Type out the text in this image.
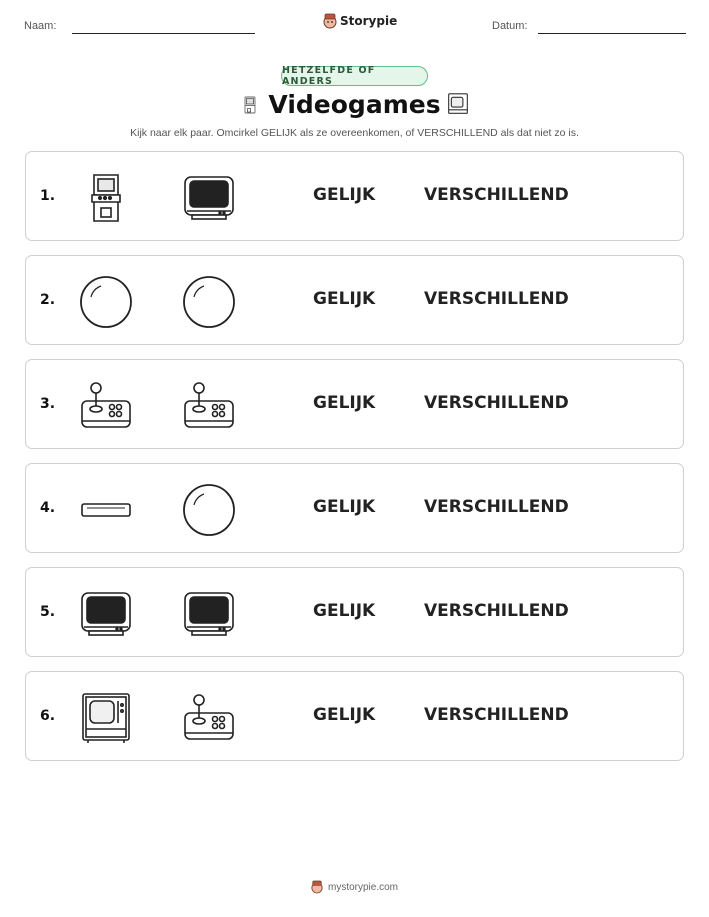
Naam:	Storypie	Datum:
HETZELFDE OF ANDERS
Videogames
Kijk naar elk paar. Omcirkel GELIJK als ze overeenkomen, of VERSCHILLEND als dat niet zo is.
1.	GELIJK	VERSCHILLEND
2.	GELIJK	VERSCHILLEND
3.	GELIJK	VERSCHILLEND
4.	GELIJK	VERSCHILLEND
5.	GELIJK	VERSCHILLEND
6.	GELIJK	VERSCHILLEND
mystorypie.com
